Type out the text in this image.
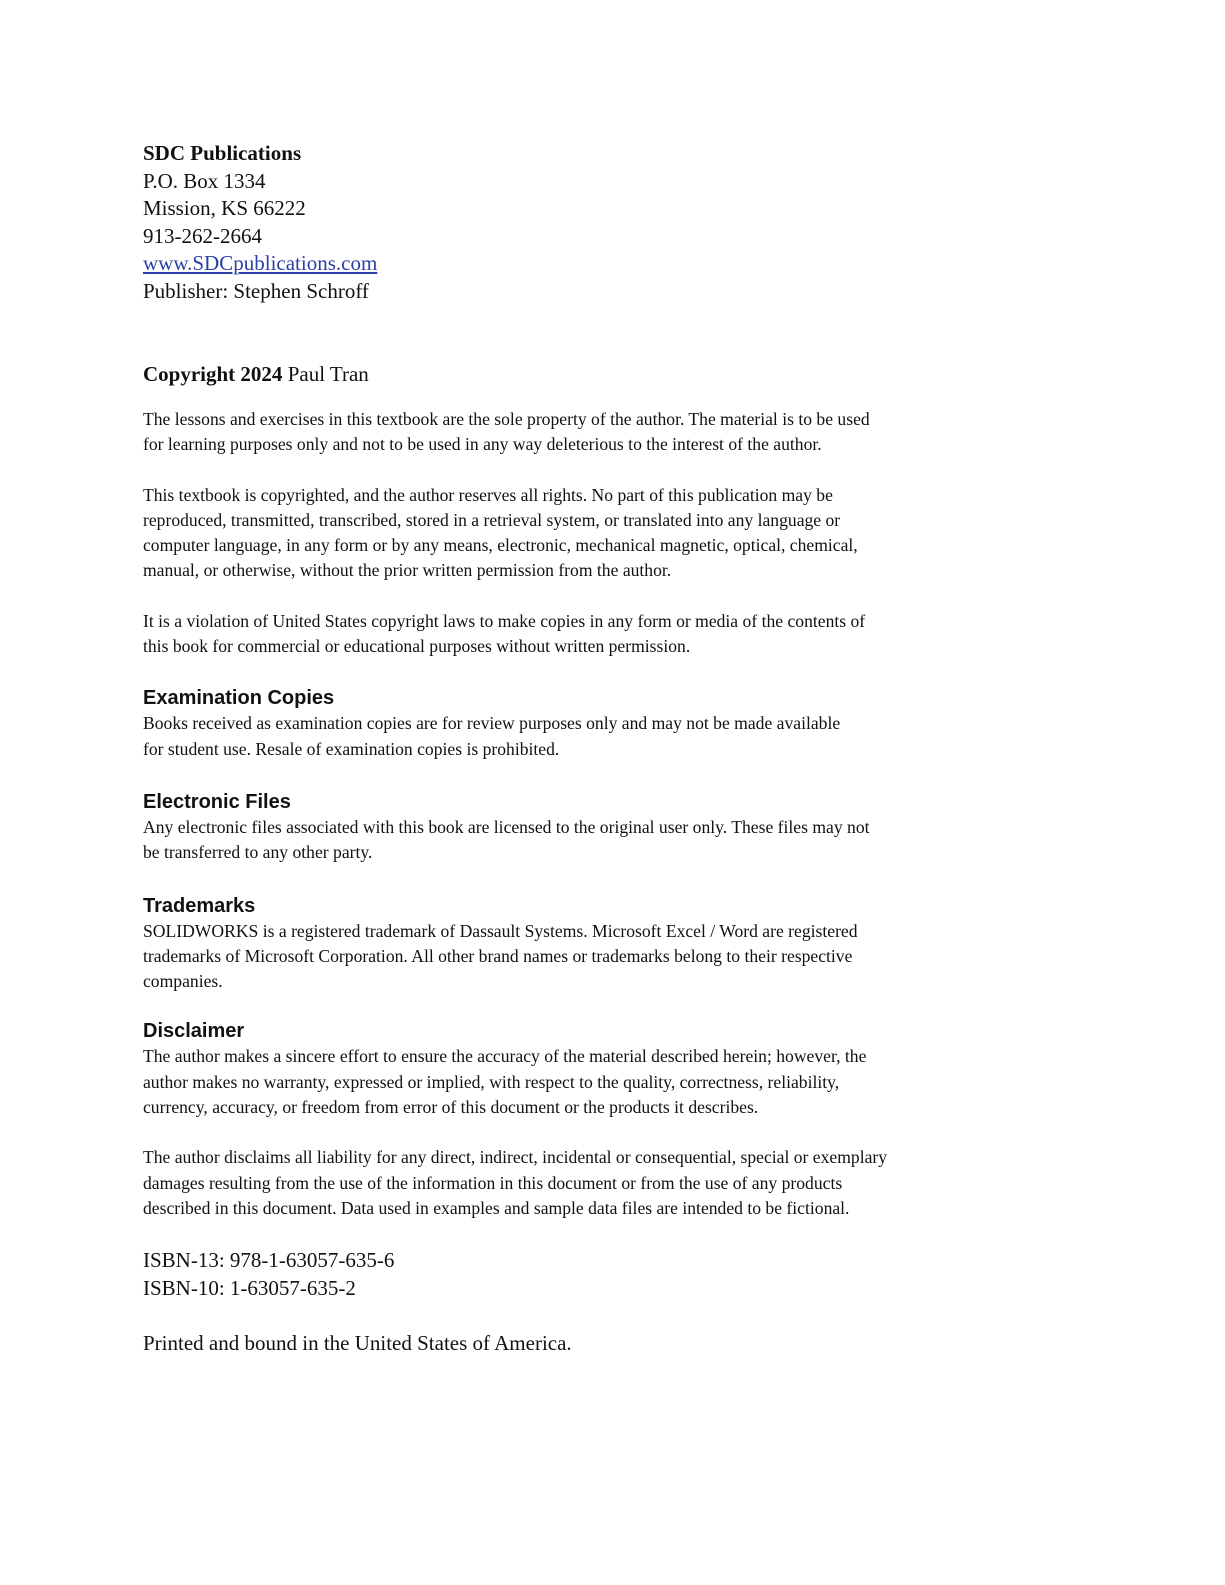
SDC Publications
P.O. Box 1334
Mission, KS 66222
913-262-2664
www.SDCpublications.com
Publisher: Stephen Schroff
Copyright 2024 Paul Tran
The lessons and exercises in this textbook are the sole property of the author. The material is to be used
for learning purposes only and not to be used in any way deleterious to the interest of the author.
This textbook is copyrighted, and the author reserves all rights. No part of this publication may be
reproduced, transmitted, transcribed, stored in a retrieval system, or translated into any language or
computer language, in any form or by any means, electronic, mechanical magnetic, optical, chemical,
manual, or otherwise, without the prior written permission from the author.
It is a violation of United States copyright laws to make copies in any form or media of the contents of
this book for commercial or educational purposes without written permission.
Examination Copies
Books received as examination copies are for review purposes only and may not be made available
for student use. Resale of examination copies is prohibited.
Electronic Files
Any electronic files associated with this book are licensed to the original user only. These files may not
be transferred to any other party.
Trademarks
SOLIDWORKS is a registered trademark of Dassault Systems. Microsoft Excel / Word are registered
trademarks of Microsoft Corporation. All other brand names or trademarks belong to their respective
companies.
Disclaimer
The author makes a sincere effort to ensure the accuracy of the material described herein; however, the
author makes no warranty, expressed or implied, with respect to the quality, correctness, reliability,
currency, accuracy, or freedom from error of this document or the products it describes.
The author disclaims all liability for any direct, indirect, incidental or consequential, special or exemplary
damages resulting from the use of the information in this document or from the use of any products
described in this document. Data used in examples and sample data files are intended to be fictional.
ISBN-13: 978-1-63057-635-6
ISBN-10: 1-63057-635-2
Printed and bound in the United States of America.
